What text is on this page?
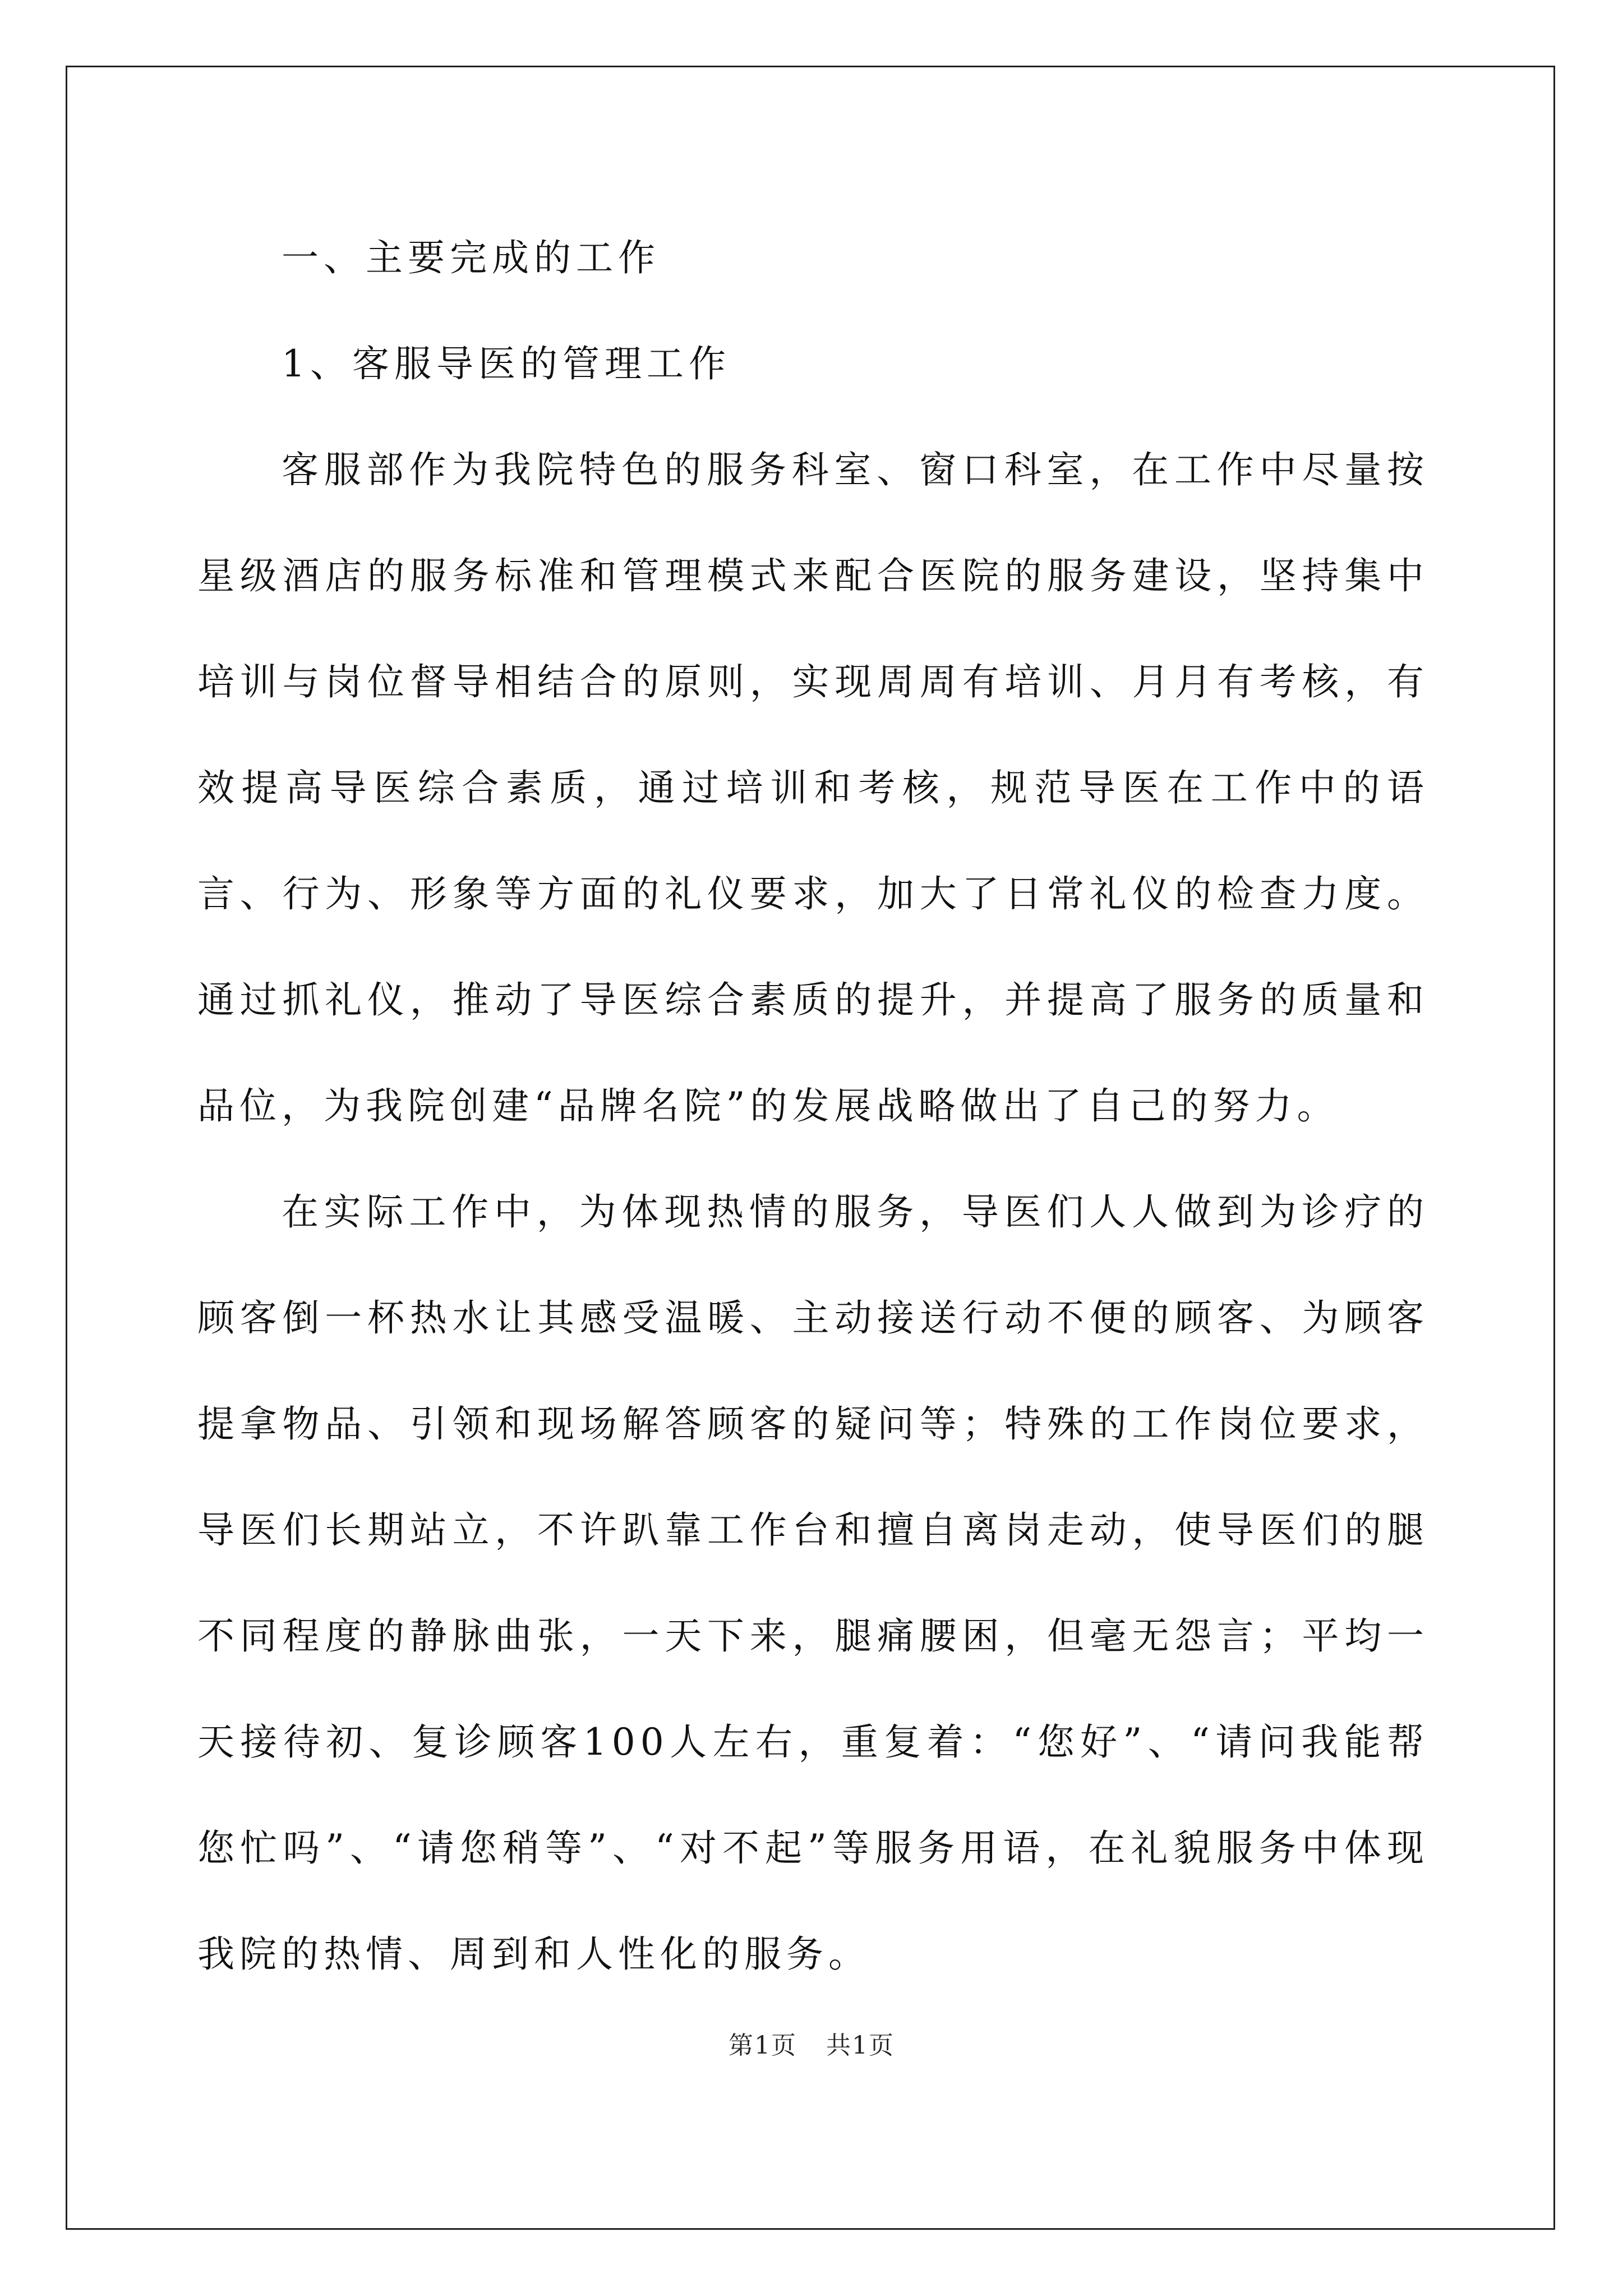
一、主要完成的工作

1、客服导医的管理工作

客服部作为我院特色的服务科室、窗口科室，在工作中尽量按星级酒店的服务标准和管理模式来配合医院的服务建设，坚持集中培训与岗位督导相结合的原则，实现周周有培训、月月有考核，有效提高导医综合素质，通过培训和考核，规范导医在工作中的语言、行为、形象等方面的礼仪要求，加大了日常礼仪的检查力度。通过抓礼仪，推动了导医综合素质的提升，并提高了服务的质量和品位，为我院创建“品牌名院”的发展战略做出了自己的努力。

在实际工作中，为体现热情的服务，导医们人人做到为诊疗的顾客倒一杯热水让其感受温暖、主动接送行动不便的顾客、为顾客提拿物品、引领和现场解答顾客的疑问等；特殊的工作岗位要求，导医们长期站立，不许趴靠工作台和擅自离岗走动，使导医们的腿不同程度的静脉曲张，一天下来，腿痛腰困，但毫无怨言；平均一天接待初、复诊顾客100人左右，重复着：“您好”、“请问我能帮您忙吗”、“请您稍等”、“对不起”等服务用语，在礼貌服务中体现我院的热情、周到和人性化的服务。

第1页 共1页
